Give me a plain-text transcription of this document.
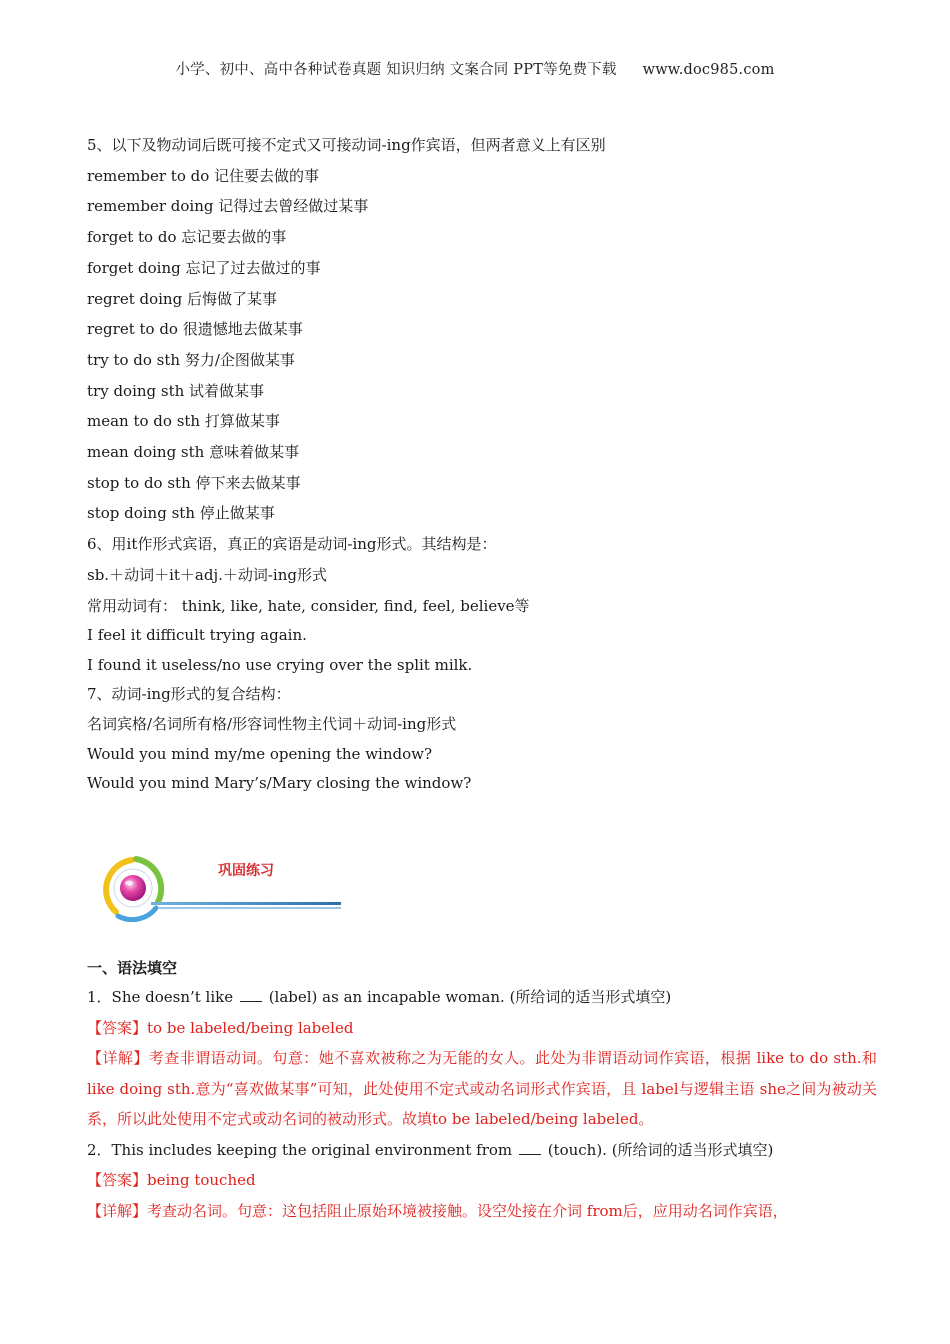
小学、初中、高中各种试卷真题 知识归纳 文案合同 PPT等免费下载 www.doc985.com
5、以下及物动词后既可接不定式又可接动词-ing作宾语，但两者意义上有区别
remember to do 记住要去做的事
remember doing 记得过去曾经做过某事
forget to do 忘记要去做的事
forget doing 忘记了过去做过的事
regret doing 后悔做了某事
regret to do 很遗憾地去做某事
try to do sth 努力/企图做某事
try doing sth 试着做某事
mean to do sth 打算做某事
mean doing sth 意味着做某事
stop to do sth 停下来去做某事
stop doing sth 停止做某事
6、用it作形式宾语，真正的宾语是动词-ing形式。其结构是：
sb.＋动词＋it＋adj.＋动词-ing形式
常用动词有： think, like, hate, consider, find, feel, believe等
I feel it difficult trying again.
I found it useless/no use crying over the split milk.
7、动词-ing形式的复合结构：
名词宾格/名词所有格/形容词性物主代词＋动词-ing形式
Would you mind my/me opening the window?
Would you mind Mary’s/Mary closing the window?
巩固练习
一、语法填空
1．She doesn’t like (label) as an incapable woman. (所给词的适当形式填空)
【答案】to be labeled/being labeled
【详解】考查非谓语动词。句意：她不喜欢被称之为无能的女人。此处为非谓语动词作宾语，根据 like to do sth.和 like doing sth.意为“喜欢做某事”可知，此处使用不定式或动名词形式作宾语，且 label与逻辑主语 she之间为被动关系，所以此处使用不定式或动名词的被动形式。故填to be labeled/being labeled。
2．This includes keeping the original environment from (touch). (所给词的适当形式填空)
【答案】being touched
【详解】考查动名词。句意：这包括阻止原始环境被接触。设空处接在介词 from后，应用动名词作宾语，
